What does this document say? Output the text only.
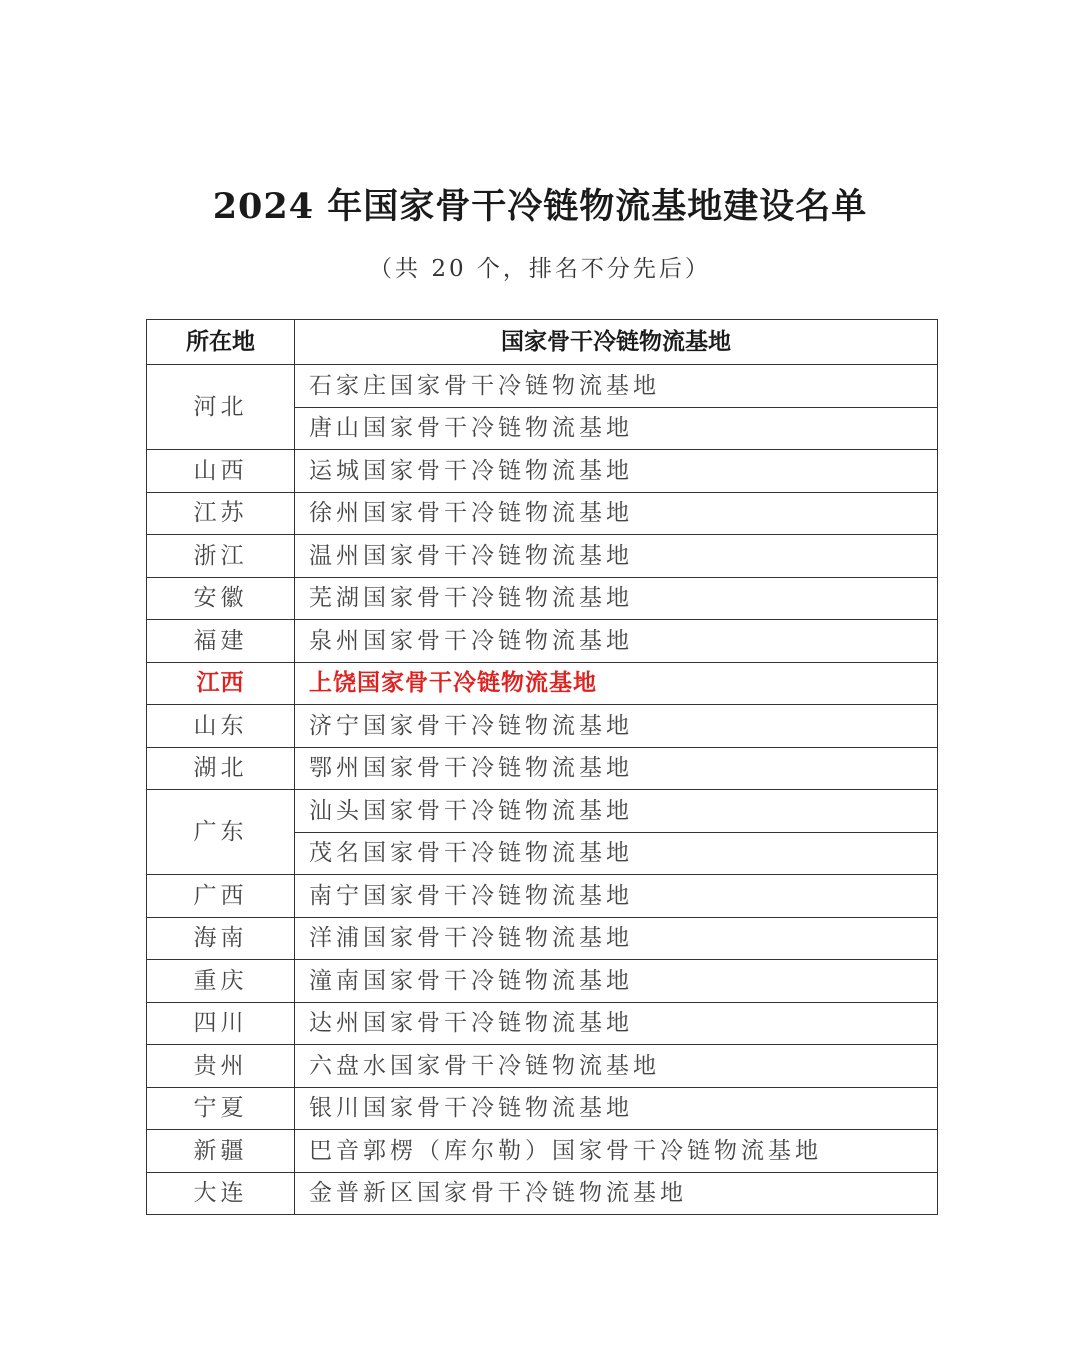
2024 年国家骨干冷链物流基地建设名单
（共 20 个，排名不分先后）
所在地	国家骨干冷链物流基地
河北	石家庄国家骨干冷链物流基地
	唐山国家骨干冷链物流基地
山西	运城国家骨干冷链物流基地
江苏	徐州国家骨干冷链物流基地
浙江	温州国家骨干冷链物流基地
安徽	芜湖国家骨干冷链物流基地
福建	泉州国家骨干冷链物流基地
江西	上饶国家骨干冷链物流基地
山东	济宁国家骨干冷链物流基地
湖北	鄂州国家骨干冷链物流基地
广东	汕头国家骨干冷链物流基地
	茂名国家骨干冷链物流基地
广西	南宁国家骨干冷链物流基地
海南	洋浦国家骨干冷链物流基地
重庆	潼南国家骨干冷链物流基地
四川	达州国家骨干冷链物流基地
贵州	六盘水国家骨干冷链物流基地
宁夏	银川国家骨干冷链物流基地
新疆	巴音郭楞（库尔勒）国家骨干冷链物流基地
大连	金普新区国家骨干冷链物流基地
